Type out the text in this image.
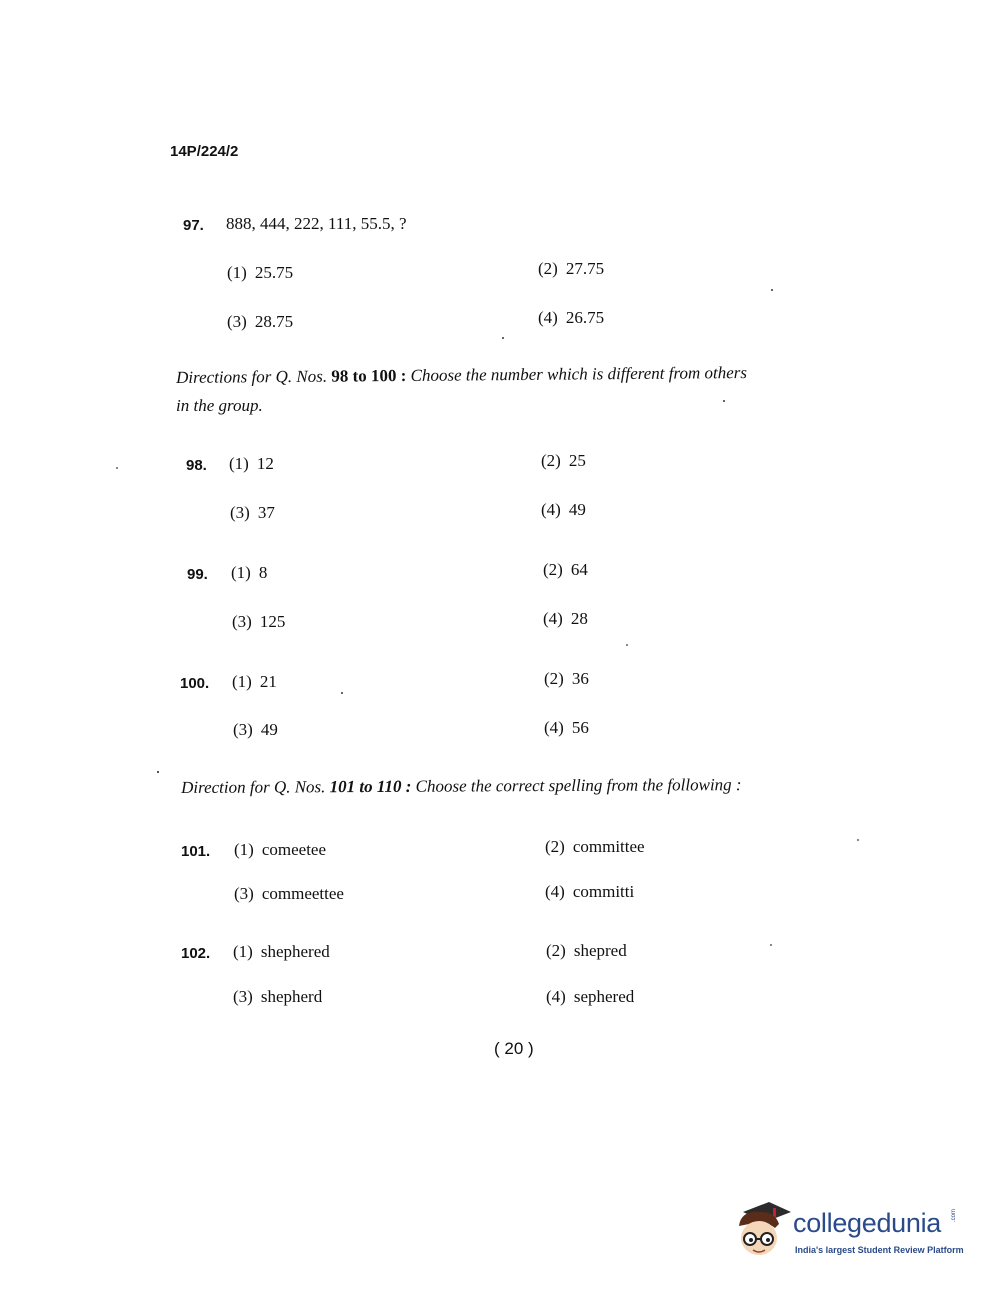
14P/224/2
97. 888, 444, 222, 111, 55.5, ?
(1) 25.75	(2) 27.75
(3) 28.75	(4) 26.75
Directions for Q. Nos. 98 to 100 : Choose the number which is different from others
in the group.
98. (1) 12	(2) 25
(3) 37	(4) 49
99. (1) 8	(2) 64
(3) 125	(4) 28
100. (1) 21	(2) 36
(3) 49	(4) 56
Direction for Q. Nos. 101 to 110 : Choose the correct spelling from the following :
101. (1) comeetee	(2) committee
(3) commeettee	(4) committi
102. (1) shephered	(2) shepred
(3) shepherd	(4) sephered
( 20 )
collegedunia .com
India's largest Student Review Platform
